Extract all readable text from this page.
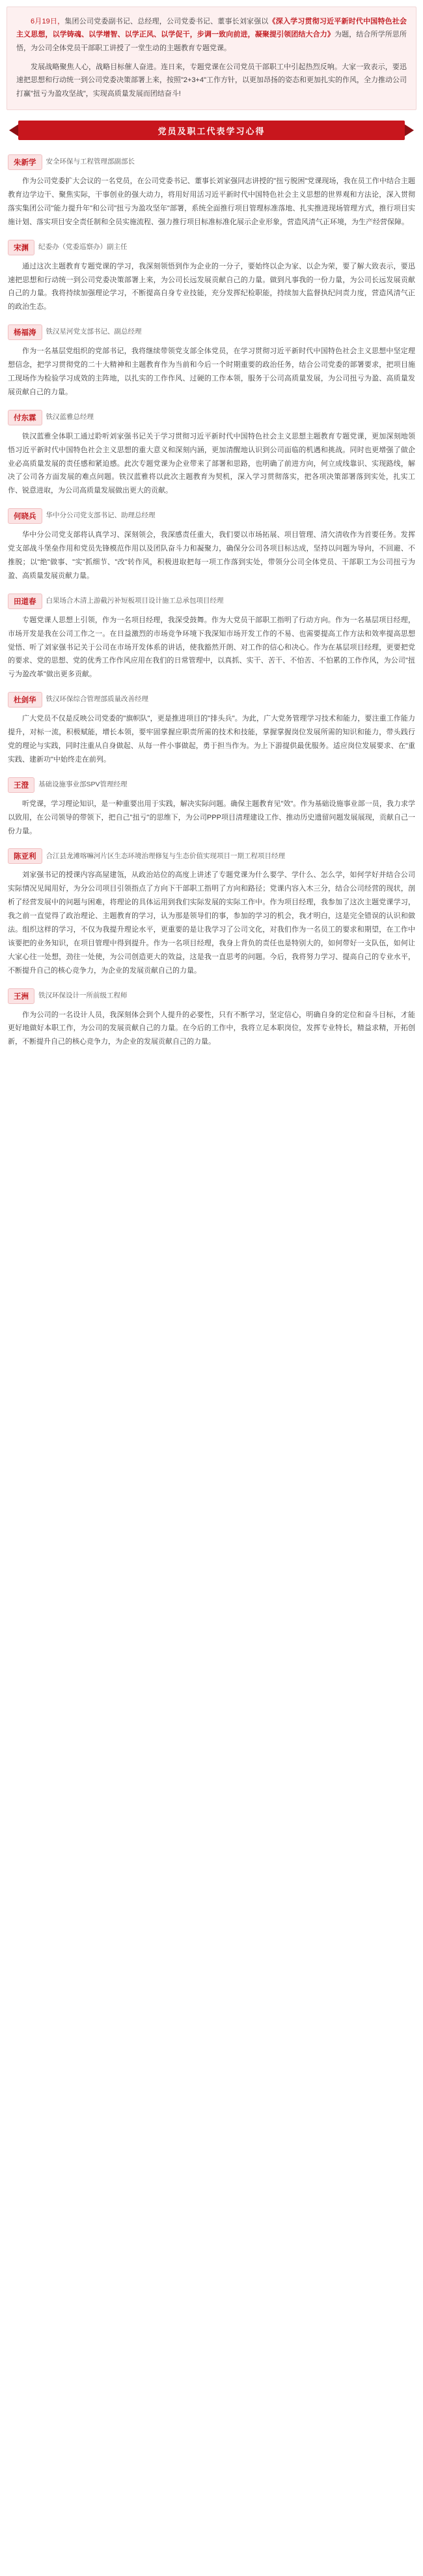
6月19日，集团公司党委副书记、总经理，公司党委书记、董事长刘家强以《深入学习贯彻习近平新时代中国特色社会主义思想，以学铸魂、以学增智、以学正风、以学促干，步调一致向前进，凝聚提引领团结大合力》为题，结合所学所思所悟，为公司全体党员干部职工讲授了一堂生动的主题教育专题党课。

发展战略聚焦人心，战略目标催人奋进。连日来，专题党课在公司党员干部职工中引起热烈反响。大家一致表示，要迅速把思想和行动统一到公司党委决策部署上来，按照"2+3+4"工作方针，以更加昂扬的姿态和更加扎实的作风，全力推动公司打赢"扭亏为盈攻坚战"，实现高质量发展而团结奋斗!

党员及职工代表学习心得
朱新学	安全环保与工程管理部副部长

作为公司党委扩大会议的一名党员，在公司党委书记、董事长刘家强同志讲授的"扭亏脱困"党课现场，我在员工作中结合主题教育边学边干、聚焦实际，干事创业的强大动力，将用好用活习近平新时代中国特色社会主义思想的世界观和方法论，深入贯彻落实集团公司"能力提升年"和公司"扭亏为盈攻坚年"部署，系统全面推行项目管理标准落地、扎实推进现场管理方式，推行项目实施计划、落实项目安全责任制和全员实施流程、强力推行项目标准标准化展示企业形象，营造风清气正环境，为生产经营保障。

宋渊	纪委办（党委巡察办）副主任

通过这次主题教育专题党课的学习，我深刻领悟到作为企业的一分子，要始终以企为家、以企为荣，要了解大致表示，要迅速把思想和行动统一到公司党委决策部署上来，为公司长远发展贡献自己的力量。做到凡事我的一份力量，为公司长远发展贡献自己的力量。我将持续加强理论学习，不断提高自身专业技能，充分发挥纪检职能，持续加大监督执纪问责力度，营造风清气正的政治生态。

杨福涛	铁汉星河党支部书记、副总经理

作为一名基层党组织的党部书记，我将继续带领党支部全体党员，在学习贯彻习近平新时代中国特色社会主义思想中坚定理想信念，把学习贯彻党的二十大精神和主题教育作为当前和今后一个时期重要的政治任务，结合公司党委的部署要求，把项目施工现场作为检验学习成效的主阵地，以扎实的工作作风、过硬的工作本领，服务于公司高质量发展，为公司扭亏为盈、高质量发展贡献自己的力量。

付东霖	铁汉蓝雅总经理

铁汉蓝雅全体职工通过聆听刘家强书记关于学习贯彻习近平新时代中国特色社会主义思想主题教育专题党课，更加深刻地领悟习近平新时代中国特色社会主义思想的重大意义和深刻内涵，更加清醒地认识到公司面临的机遇和挑战。同时也更增强了做企业必高质量发展的责任感和紧迫感。此次专题党课为企业带来了部署和思路，也明确了前进方向，何立成线靠识、实现路线，解决了公司各方面发展的难点问题。铁汉蓝雅将以此次主题教育为契机，深入学习贯彻落实，把各项决策部署落到实处，扎实工作、锐意进取，为公司高质量发展做出更大的贡献。

何晓兵	华中分公司党支部书记、助理总经理

华中分公司党支部将认真学习、深刻领会，我深感责任重大，我们要以市场拓展、项目管理、清欠清收作为首要任务。发挥党支部战斗堡垒作用和党员先锋模范作用以及团队奋斗力和凝聚力，确保分公司各项目标达成，坚持以问题为导向，不回避、不推脱；以"绝"做事、"实"抓细节、"改"转作风，积极进取把每一项工作落到实处，带领分公司全体党员、干部职工为公司扭亏为盈、高质量发展贡献力量。

田道春	白果场合木清上游截污补短板项目设计施工总承包项目经理

专题党课人思想上引领，作为一名项目经理，我深受鼓舞。作为大党员干部职工指明了行动方向。作为一名基层项目经理，市场开发是我在公司工作之一。在日益激烈的市场竞争环境下我深知市场开发工作的不易、也需要提高工作方法和效率提高思想觉悟、听了刘家强书记关于公司在市场开发体系的讲话，使我豁然开朗、对工作的信心和决心。作为在基层项目经理，更要把党的要求、党的思想、党的优秀工作作风应用在我们的日常管理中，以真抓、实干、苦干、不怕苦、不怕累的工作作风，为公司"扭亏为盈改革"做出更多贡献。

杜剑华	铁汉环保综合管理部质量改善经理

广大党员不仅是反映公司党委的"旗帜队"，更是推进项目的"排头兵"。为此，广大党务管理学习技术和能力，要注重工作能力提升，对标一流，积极赋能，增长本领，要牢固掌握应职责所需的技术和技能，掌握掌握岗位发展所需的知识和能力，带头践行党的理论与实践，同时注重从自身做起、从每一件小事做起，勇于担当作为。为上下游提供最优服务。适应岗位发展要求、在"重实践、建新功"中始终走在前列。

王澄	基础设施事业部SPV管理经理

听党课，学习理论知识，是一种重要出用于实践，解决实际问题。确保主题教育见"效"。作为基础设施事业部一员，我力求学以致用，在公司领导的带领下，把自己"扭亏"的思维下，为公司PPP项目清理建设工作、推动历史遗留问题发展展现，贡献自己一份力量。

陈亚利	合江县龙滩喀嘛河片区生态环境治理修复与生态价值实现项目一期工程项目经理

刘家强书记的授课内容高屋建瓴，从政治站位的高度上讲述了专题党课为什么要学、学什么、怎么学，如何学好并结合公司实际情况见闻用好，为分公司项目引领指点了方向下干部职工指明了方向和路径；党课内容入木三分，结合公司经营的现状，剖析了经营发展中的问题与困难，将理论的具体运用到我们实际发展的实际工作中。作为项目经理，我参加了这次主题党课学习，我之前一直觉得了政治理论、主题教育的学习，认为那是领导们的事，参加的学习的机会，我才明白，这是完全错误的认识和做法。组织这样的学习，不仅为我提升理论水平，更重要的是让我学习了公司文化，对我们作为一名员工的要求和期望，在工作中该要把的业务知识，在项目管理中得到提升。作为一名项目经理，我身上背负的责任也是特别大的，如何带好一支队伍，如何让大家心往一处想，劲往一处使，为公司创造更大的效益，这是我一直思考的问题。今后，我将努力学习、提高自己的专业水平，不断提升自己的核心竞争力，为企业的发展贡献自己的力量。

王洲	铁汉环保设计一所前级工程师

作为公司的一名设计人员，我深刻体会到个人提升的必要性，只有不断学习，坚定信心，明确自身的定位和奋斗目标，才能更好地做好本职工作，为公司的发展贡献自己的力量。在今后的工作中，我将立足本职岗位，发挥专业特长，精益求精，开拓创新，不断提升自己的核心竞争力，为企业的发展贡献自己的力量。
